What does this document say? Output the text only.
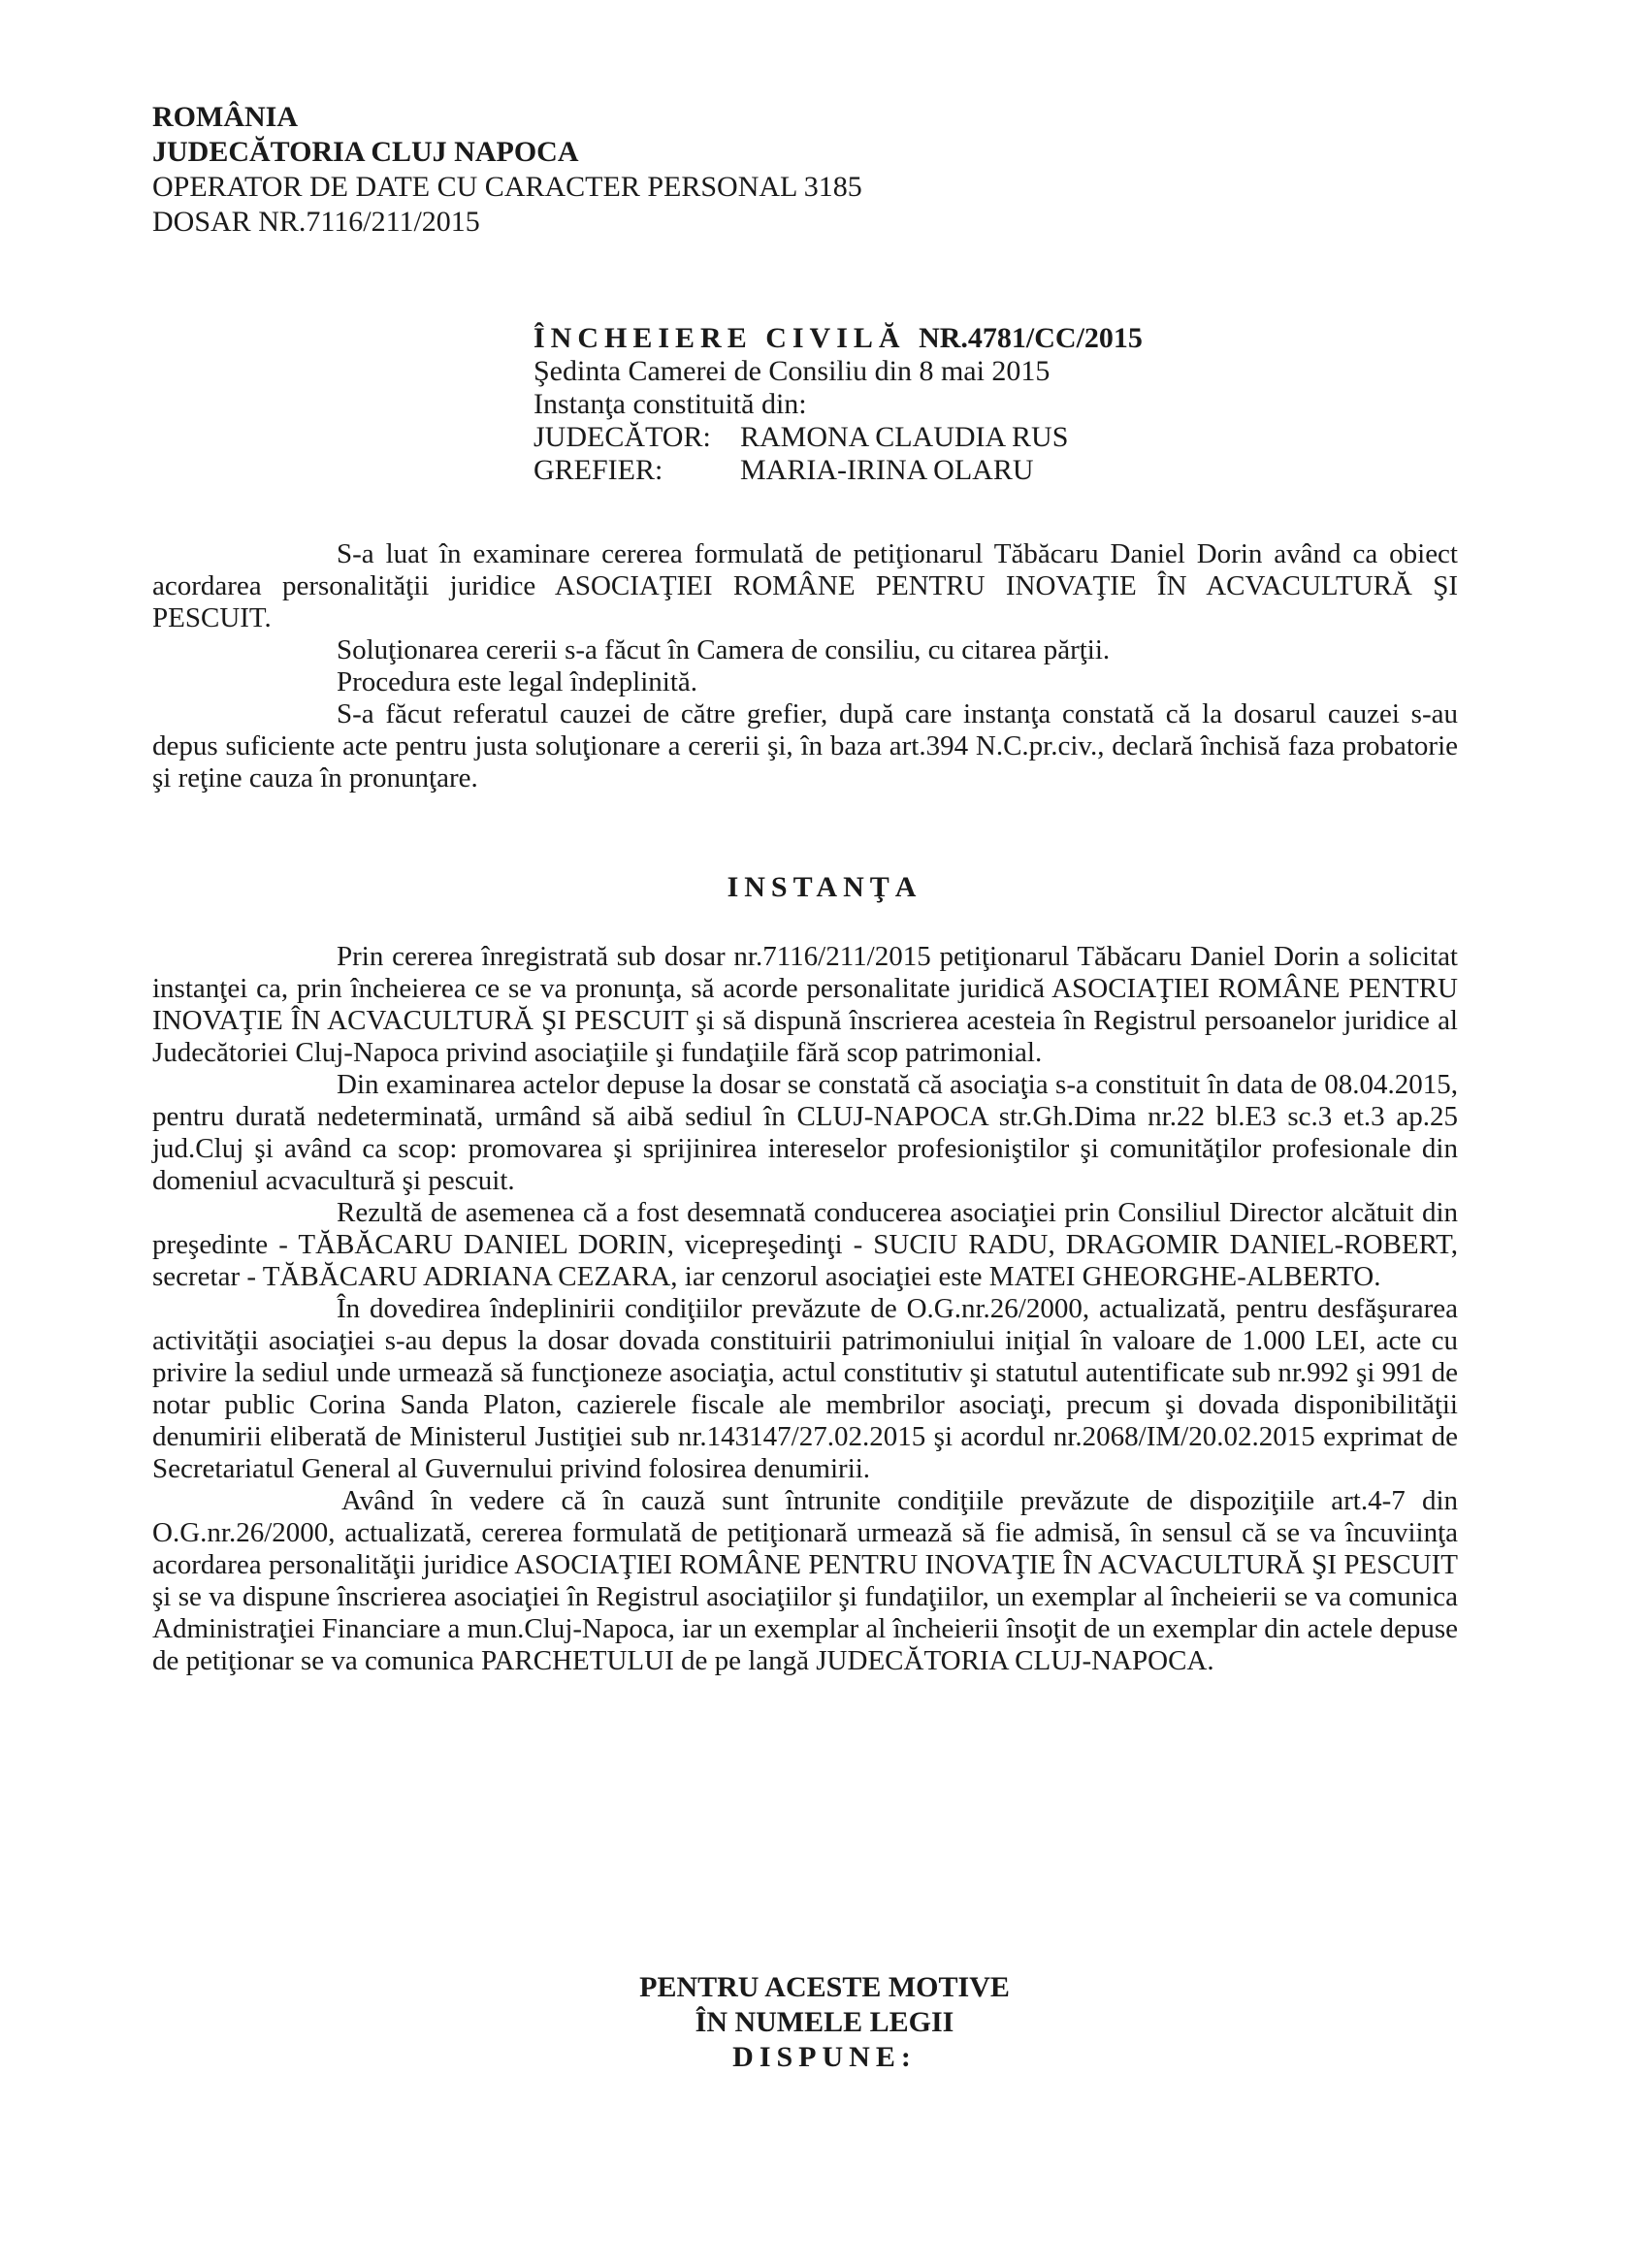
ROMÂNIA
JUDECĂTORIA CLUJ NAPOCA
OPERATOR DE DATE CU CARACTER PERSONAL 3185
DOSAR NR.7116/211/2015
ÎNCHEIERE CIVILĂ NR.4781/CC/2015
Şedinta Camerei de Consiliu din 8 mai 2015
Instanţa constituită din:
JUDECĂTOR:	RAMONA CLAUDIA RUS
GREFIER:	MARIA-IRINA OLARU

S-a luat în examinare cererea formulată de petiţionarul Tăbăcaru Daniel Dorin având ca obiect acordarea personalităţii juridice ASOCIAŢIEI ROMÂNE PENTRU INOVAŢIE ÎN ACVACULTURĂ ŞI PESCUIT.

Soluţionarea cererii s-a făcut în Camera de consiliu, cu citarea părţii.

Procedura este legal îndeplinită.

S-a făcut referatul cauzei de către grefier, după care instanţa constată că la dosarul cauzei s-au depus suficiente acte pentru justa soluţionare a cererii şi, în baza art.394 N.C.pr.civ., declară închisă faza probatorie şi reţine cauza în pronunţare.

INSTANŢA

Prin cererea înregistrată sub dosar nr.7116/211/2015 petiţionarul Tăbăcaru Daniel Dorin a solicitat instanţei ca, prin încheierea ce se va pronunţa, să acorde personalitate juridică ASOCIAŢIEI ROMÂNE PENTRU INOVAŢIE ÎN ACVACULTURĂ ŞI PESCUIT şi să dispună înscrierea acesteia în Registrul persoanelor juridice al Judecătoriei Cluj-Napoca privind asociaţiile şi fundaţiile fără scop patrimonial.

Din examinarea actelor depuse la dosar se constată că asociaţia s-a constituit în data de 08.04.2015, pentru durată nedeterminată, urmând să aibă sediul în CLUJ-NAPOCA str.Gh.Dima nr.22 bl.E3 sc.3 et.3 ap.25 jud.Cluj şi având ca scop: promovarea şi sprijinirea intereselor profesioniştilor şi comunităţilor profesionale din domeniul acvacultură şi pescuit.

Rezultă de asemenea că a fost desemnată conducerea asociaţiei prin Consiliul Director alcătuit din preşedinte - TĂBĂCARU DANIEL DORIN, vicepreşedinţi - SUCIU RADU, DRAGOMIR DANIEL-ROBERT, secretar - TĂBĂCARU ADRIANA CEZARA, iar cenzorul asociaţiei este MATEI GHEORGHE-ALBERTO.

În dovedirea îndeplinirii condiţiilor prevăzute de O.G.nr.26/2000, actualizată, pentru desfăşurarea activităţii asociaţiei s-au depus la dosar dovada constituirii patrimoniului iniţial în valoare de 1.000 LEI, acte cu privire la sediul unde urmează să funcţioneze asociaţia, actul constitutiv şi statutul autentificate sub nr.992 şi 991 de notar public Corina Sanda Platon, cazierele fiscale ale membrilor asociaţi, precum şi dovada disponibilităţii denumirii eliberată de Ministerul Justiţiei sub nr.143147/27.02.2015 şi acordul nr.2068/IM/20.02.2015 exprimat de Secretariatul General al Guvernului privind folosirea denumirii.

Având în vedere că în cauză sunt întrunite condiţiile prevăzute de dispoziţiile art.4-7 din O.G.nr.26/2000, actualizată, cererea formulată de petiţionară urmează să fie admisă, în sensul că se va încuviinţa acordarea personalităţii juridice ASOCIAŢIEI ROMÂNE PENTRU INOVAŢIE ÎN ACVACULTURĂ ŞI PESCUIT şi se va dispune înscrierea asociaţiei în Registrul asociaţiilor şi fundaţiilor, un exemplar al încheierii se va comunica Administraţiei Financiare a mun.Cluj-Napoca, iar un exemplar al încheierii însoţit de un exemplar din actele depuse de petiţionar se va comunica PARCHETULUI de pe langă JUDECĂTORIA CLUJ-NAPOCA.

PENTRU ACESTE MOTIVE
ÎN NUMELE LEGII
DISPUNE:
